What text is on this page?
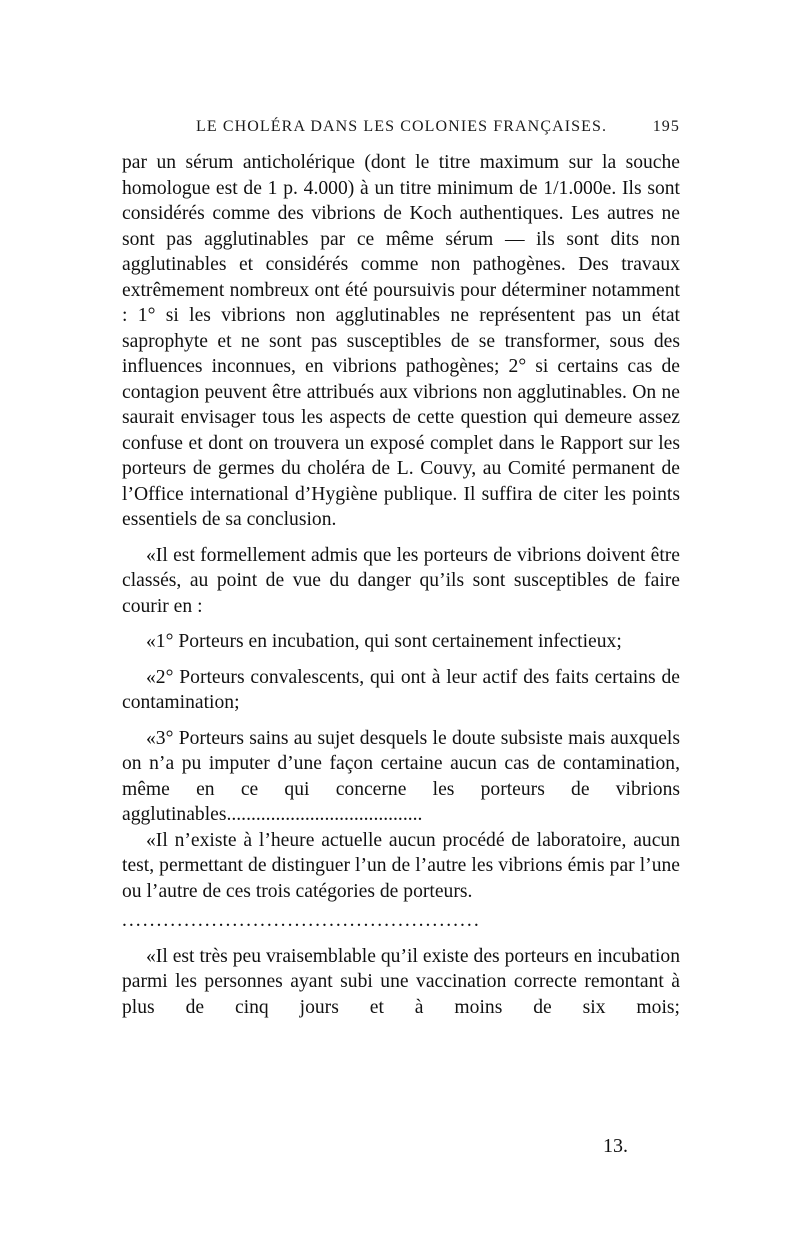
LE CHOLÉRA DANS LES COLONIES FRANÇAISES.	195

par un sérum anticholérique (dont le titre maximum sur la souche homologue est de 1 p. 4.000) à un titre minimum de 1/1.000e. Ils sont considérés comme des vibrions de Koch authentiques. Les autres ne sont pas agglutinables par ce même sérum — ils sont dits non agglutinables et considérés comme non pathogènes. Des travaux extrêmement nombreux ont été poursuivis pour déterminer notamment : 1° si les vibrions non agglutinables ne représentent pas un état saprophyte et ne sont pas susceptibles de se transformer, sous des influences inconnues, en vibrions pathogènes; 2° si certains cas de contagion peuvent être attribués aux vibrions non agglutinables. On ne saurait envisager tous les aspects de cette question qui demeure assez confuse et dont on trouvera un exposé complet dans le Rapport sur les porteurs de germes du choléra de L. Couvy, au Comité permanent de l’Office international d’Hygiène publique. Il suffira de citer les points essentiels de sa conclusion.

«Il est formellement admis que les porteurs de vibrions doivent être classés, au point de vue du danger qu’ils sont susceptibles de faire courir en :

«1° Porteurs en incubation, qui sont certainement infectieux;

«2° Porteurs convalescents, qui ont à leur actif des faits certains de contamination;

«3° Porteurs sains au sujet desquels le doute subsiste mais auxquels on n’a pu imputer d’une façon certaine aucun cas de contamination, même en ce qui concerne les porteurs de vibrions agglutinables........................................

«Il n’existe à l’heure actuelle aucun procédé de laboratoire, aucun test, permettant de distinguer l’un de l’autre les vibrions émis par l’une ou l’autre de ces trois catégories de porteurs.

....................................................

«Il est très peu vraisemblable qu’il existe des porteurs en incubation parmi les personnes ayant subi une vaccination correcte remontant à plus de cinq jours et à moins de six mois;

13.
